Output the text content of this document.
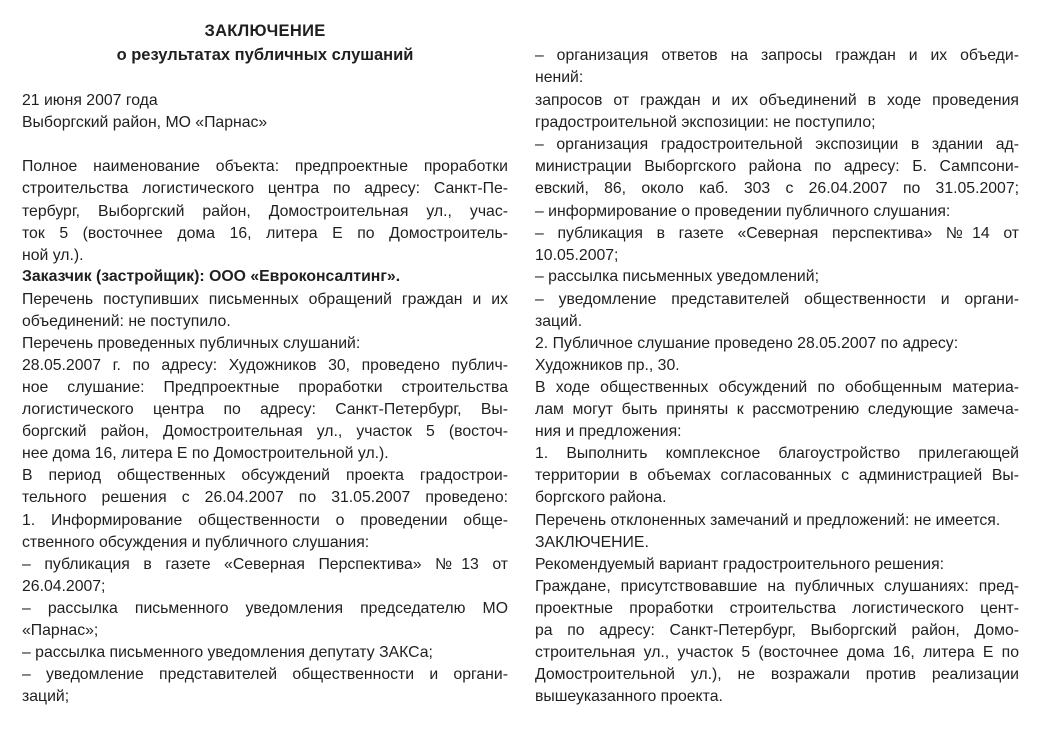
ЗАКЛЮЧЕНИЕ
о результатах публичных слушаний
21 июня 2007 года
Выборгский район, МО «Парнас»
Полное наименование объекта: предпроектные проработки
строительства логистического центра по адресу: Санкт-Пе-
тербург, Выборгский район, Домостроительная ул., учас-
ток 5 (восточнее дома 16, литера Е по Домостроитель-
ной ул.).
Заказчик (застройщик): ООО «Евроконсалтинг».
Перечень поступивших письменных обращений граждан и их
объединений: не поступило.
Перечень проведенных публичных слушаний:
28.05.2007 г. по адресу: Художников 30, проведено публич-
ное слушание: Предпроектные проработки строительства
логистического центра по адресу: Санкт-Петербург, Вы-
боргский район, Домостроительная ул., участок 5 (восточ-
нее дома 16, литера Е по Домостроительной ул.).
В период общественных обсуждений проекта градострои-
тельного решения с 26.04.2007 по 31.05.2007 проведено:
1. Информирование общественности о проведении обще-
ственного обсуждения и публичного слушания:
– публикация в газете «Северная Перспектива» №13 от
26.04.2007;
– рассылка письменного уведомления председателю МО
«Парнас»;
– рассылка письменного уведомления депутату ЗАКСа;
– уведомление представителей общественности и органи-
заций;
– организация ответов на запросы граждан и их объеди-
нений:
запросов от граждан и их объединений в ходе проведения
градостроительной экспозиции: не поступило;
– организация градостроительной экспозиции в здании ад-
министрации Выборгского района по адресу: Б. Сампсони-
евский, 86, около каб. 303 с 26.04.2007 по 31.05.2007;
– информирование о проведении публичного слушания:
– публикация в газете «Северная перспектива» №14 от
10.05.2007;
– рассылка письменных уведомлений;
– уведомление представителей общественности и органи-
заций.
2. Публичное слушание проведено 28.05.2007 по адресу:
Художников пр., 30.
В ходе общественных обсуждений по обобщенным материа-
лам могут быть приняты к рассмотрению следующие замеча-
ния и предложения:
1. Выполнить комплексное благоустройство прилегающей
территории в объемах согласованных с администрацией Вы-
боргского района.
Перечень отклоненных замечаний и предложений: не имеется.
ЗАКЛЮЧЕНИЕ.
Рекомендуемый вариант градостроительного решения:
Граждане, присутствовавшие на публичных слушаниях: пред-
проектные проработки строительства логистического цент-
ра по адресу: Санкт-Петербург, Выборгский район, Домо-
строительная ул., участок 5 (восточнее дома 16, литера Е по
Домостроительной ул.), не возражали против реализации
вышеуказанного проекта.
